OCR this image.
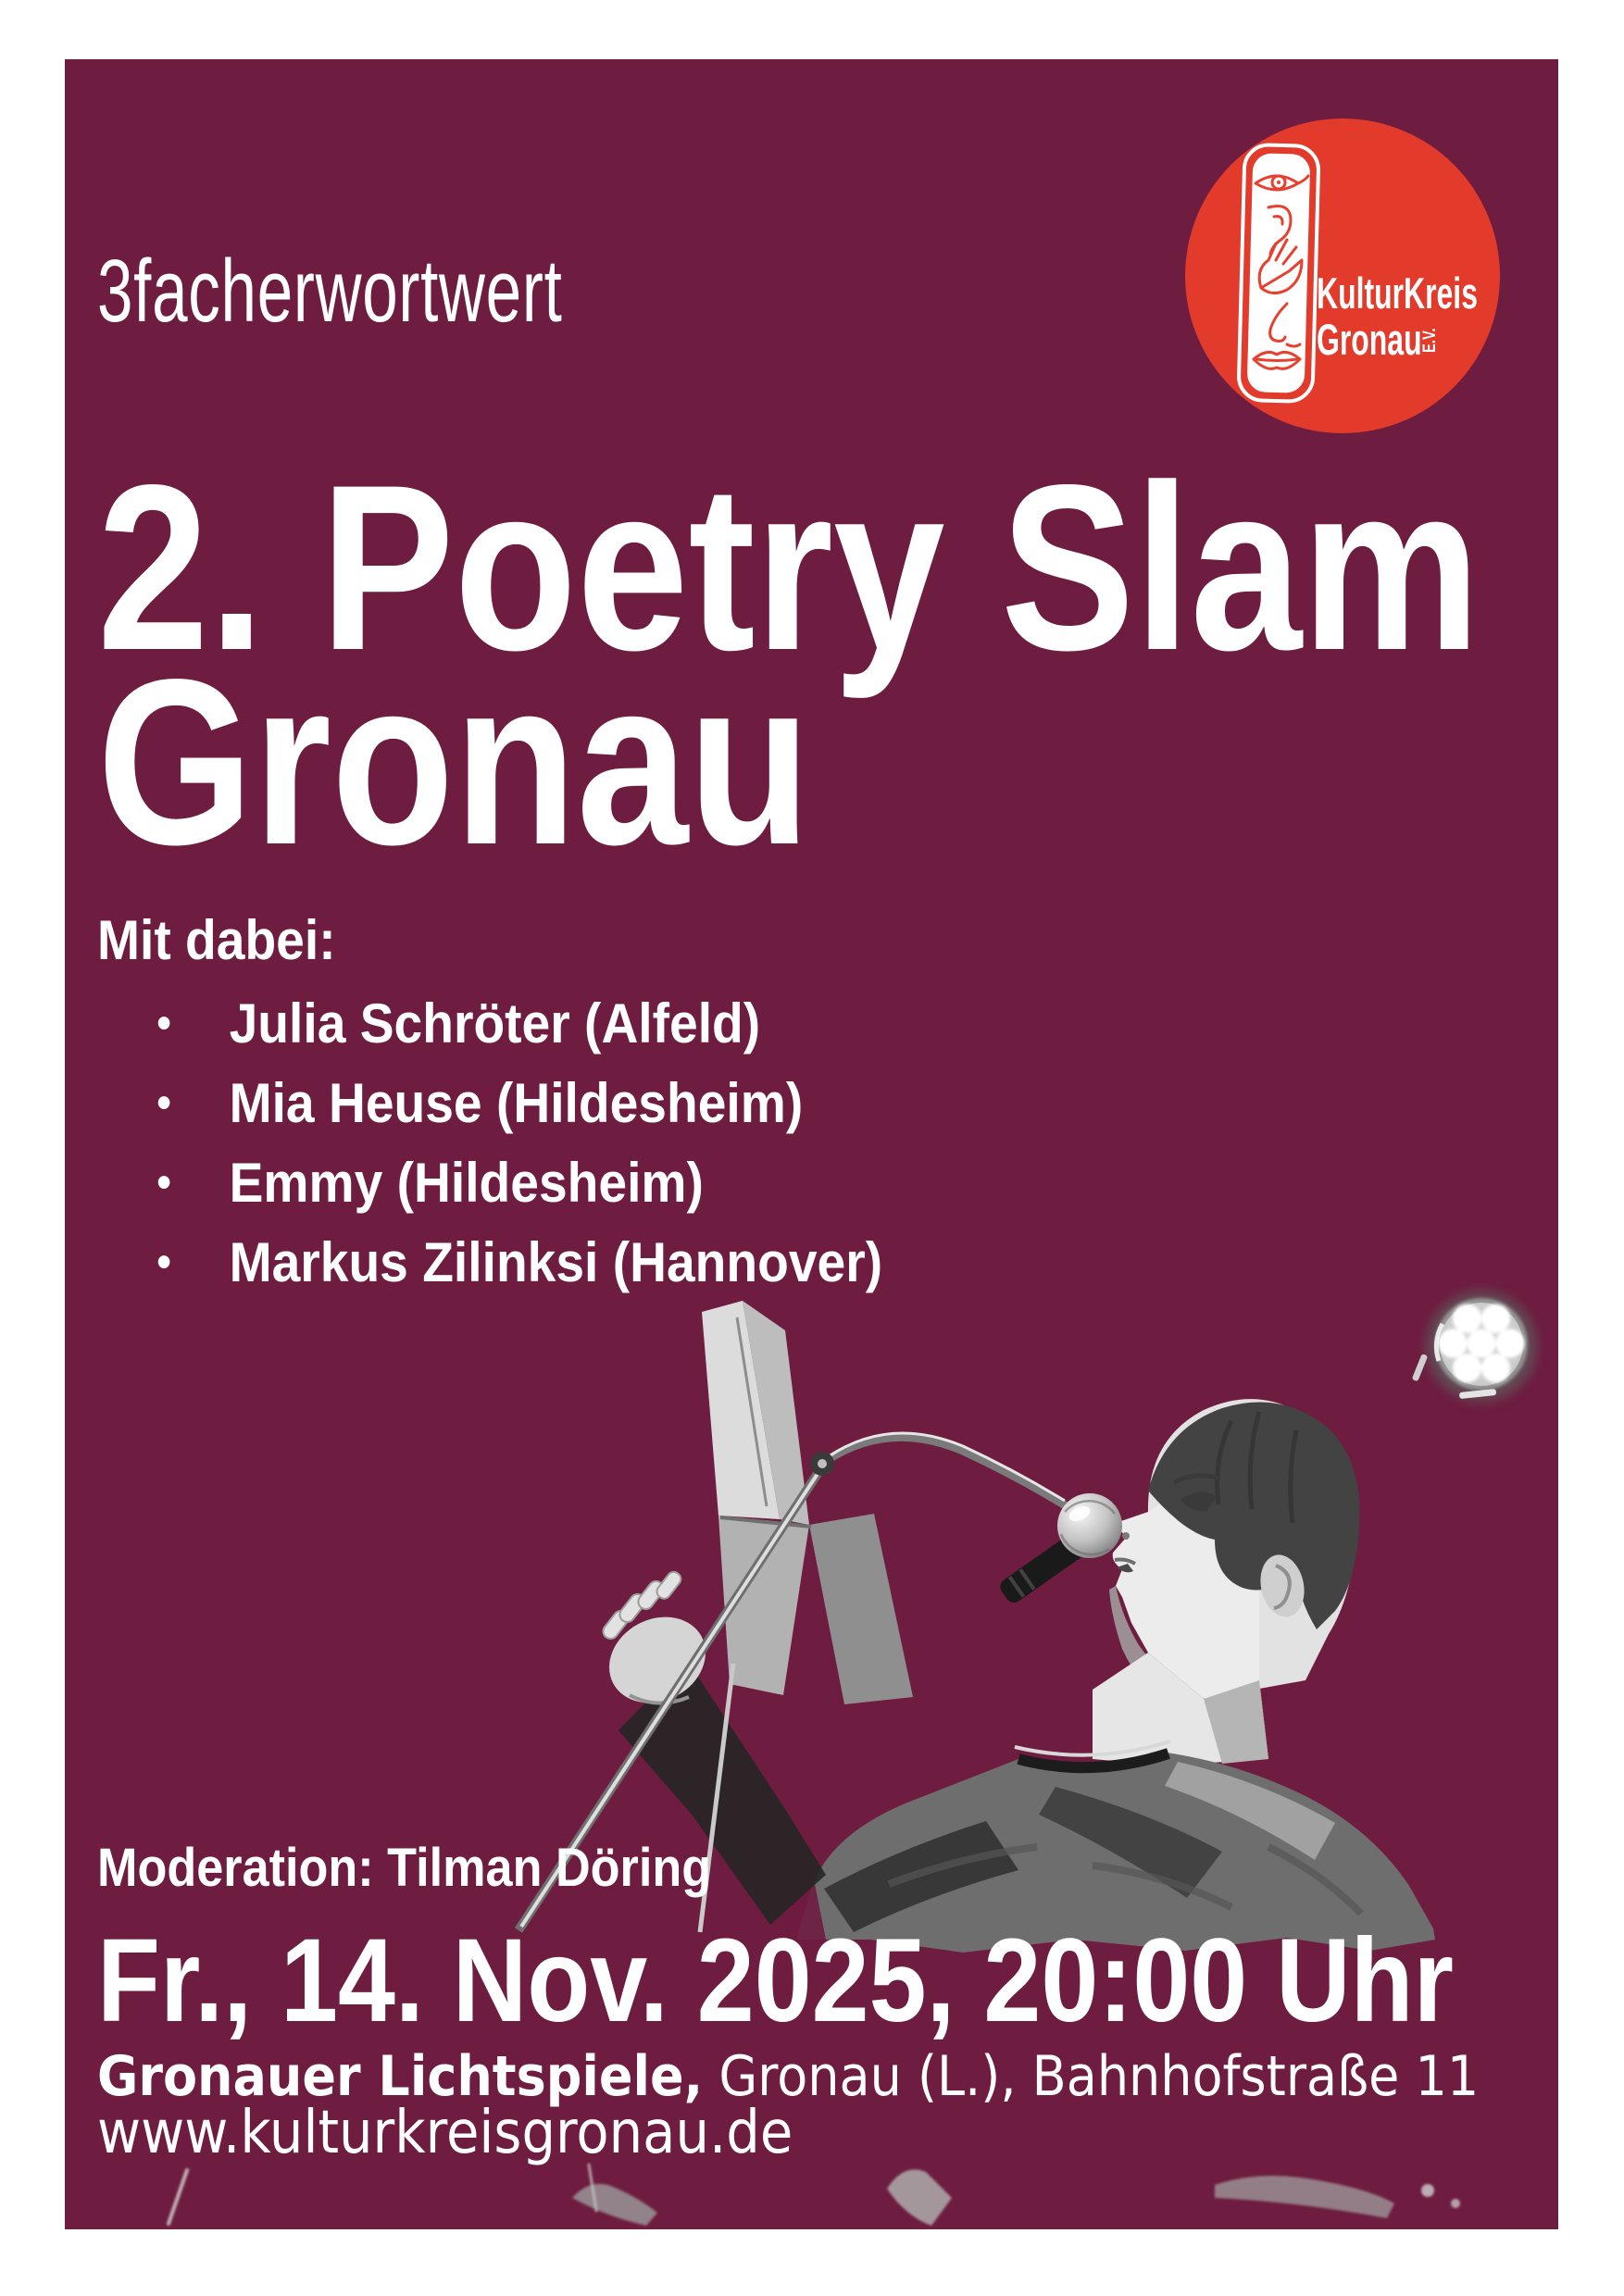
KulturKreis
Gronau
E.V.
3facherwortwert
2. Poetry Slam
Gronau
Mit dabei:
• Julia Schröter (Alfeld)
• Mia Heuse (Hildesheim)
• Emmy (Hildesheim)
• Markus Zilinksi (Hannover)
Moderation: Tilman Döring
Fr., 14. Nov. 2025, 20:00 Uhr
Gronauer Lichtspiele, Gronau (L.), Bahnhofstraße 11
www.kulturkreisgronau.de
